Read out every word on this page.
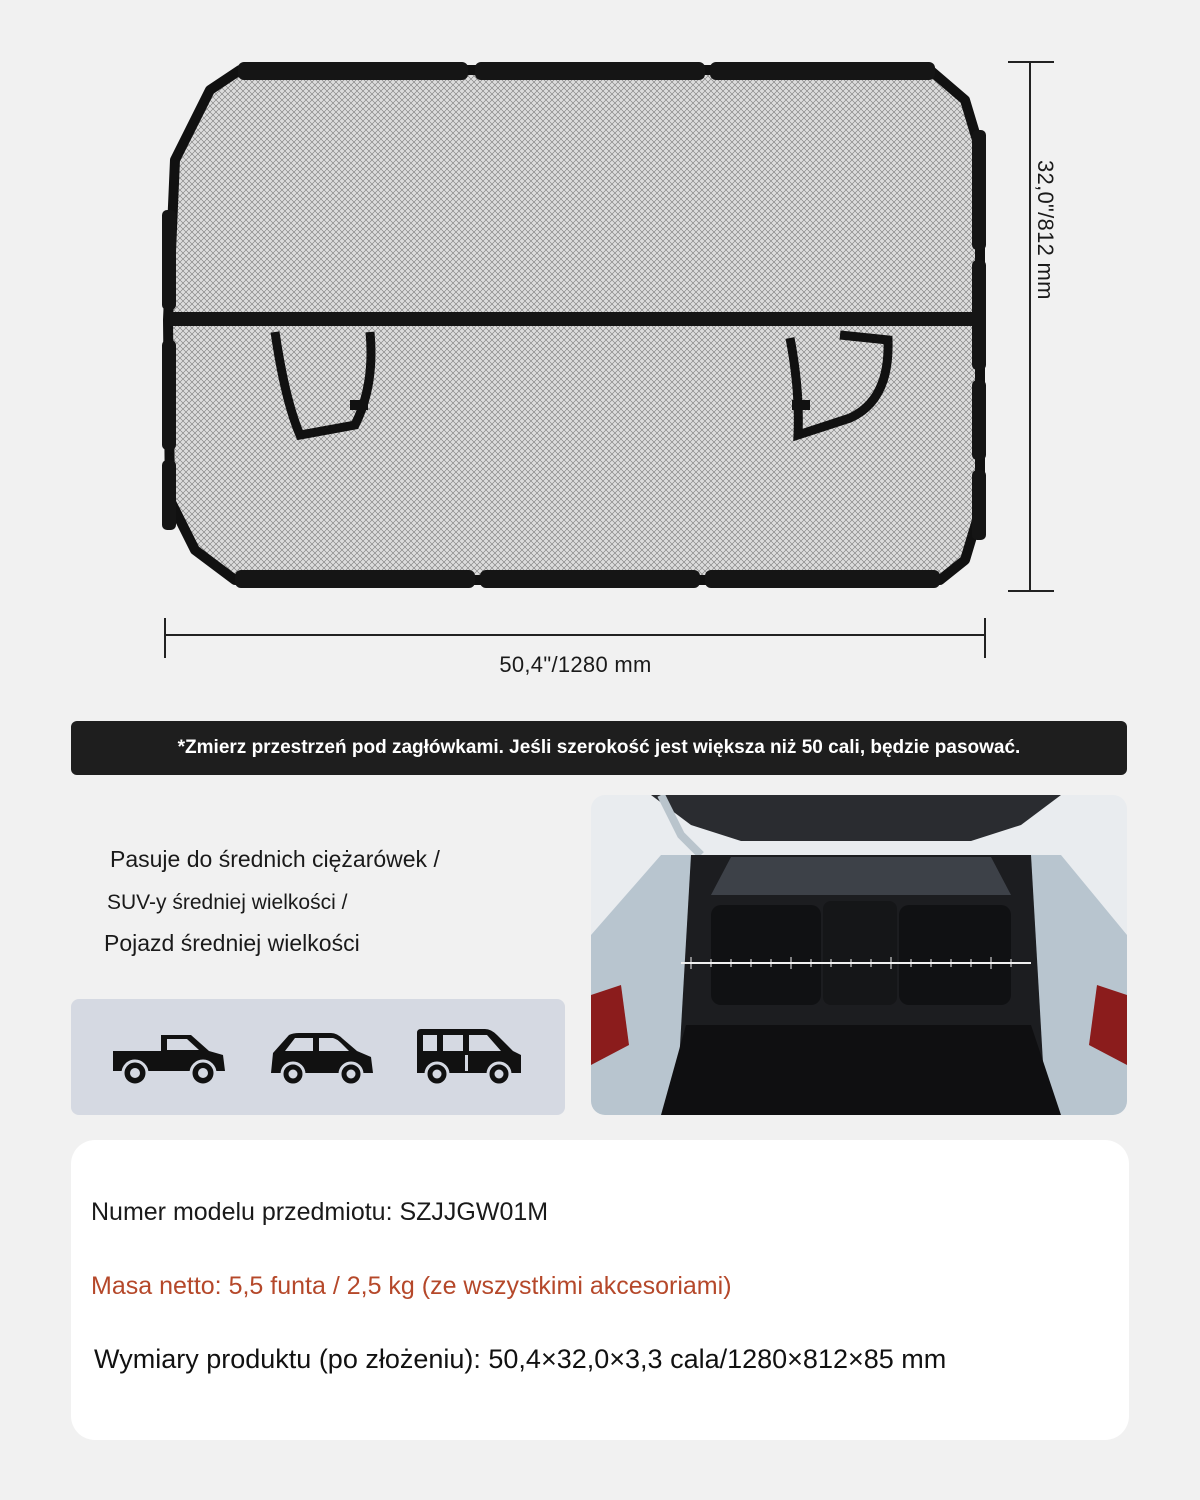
50,4"/1280 mm
32,0"/812 mm
*Zmierz przestrzeń pod zagłówkami. Jeśli szerokość jest większa niż 50 cali, będzie pasować.
Pasuje do średnich ciężarówek /
SUV-y średniej wielkości /
Pojazd średniej wielkości
Numer modelu przedmiotu: SZJJGW01M
Masa netto: 5,5 funta / 2,5 kg (ze wszystkimi akcesoriami)
Wymiary produktu (po złożeniu): 50,4×32,0×3,3 cala/1280×812×85 mm
